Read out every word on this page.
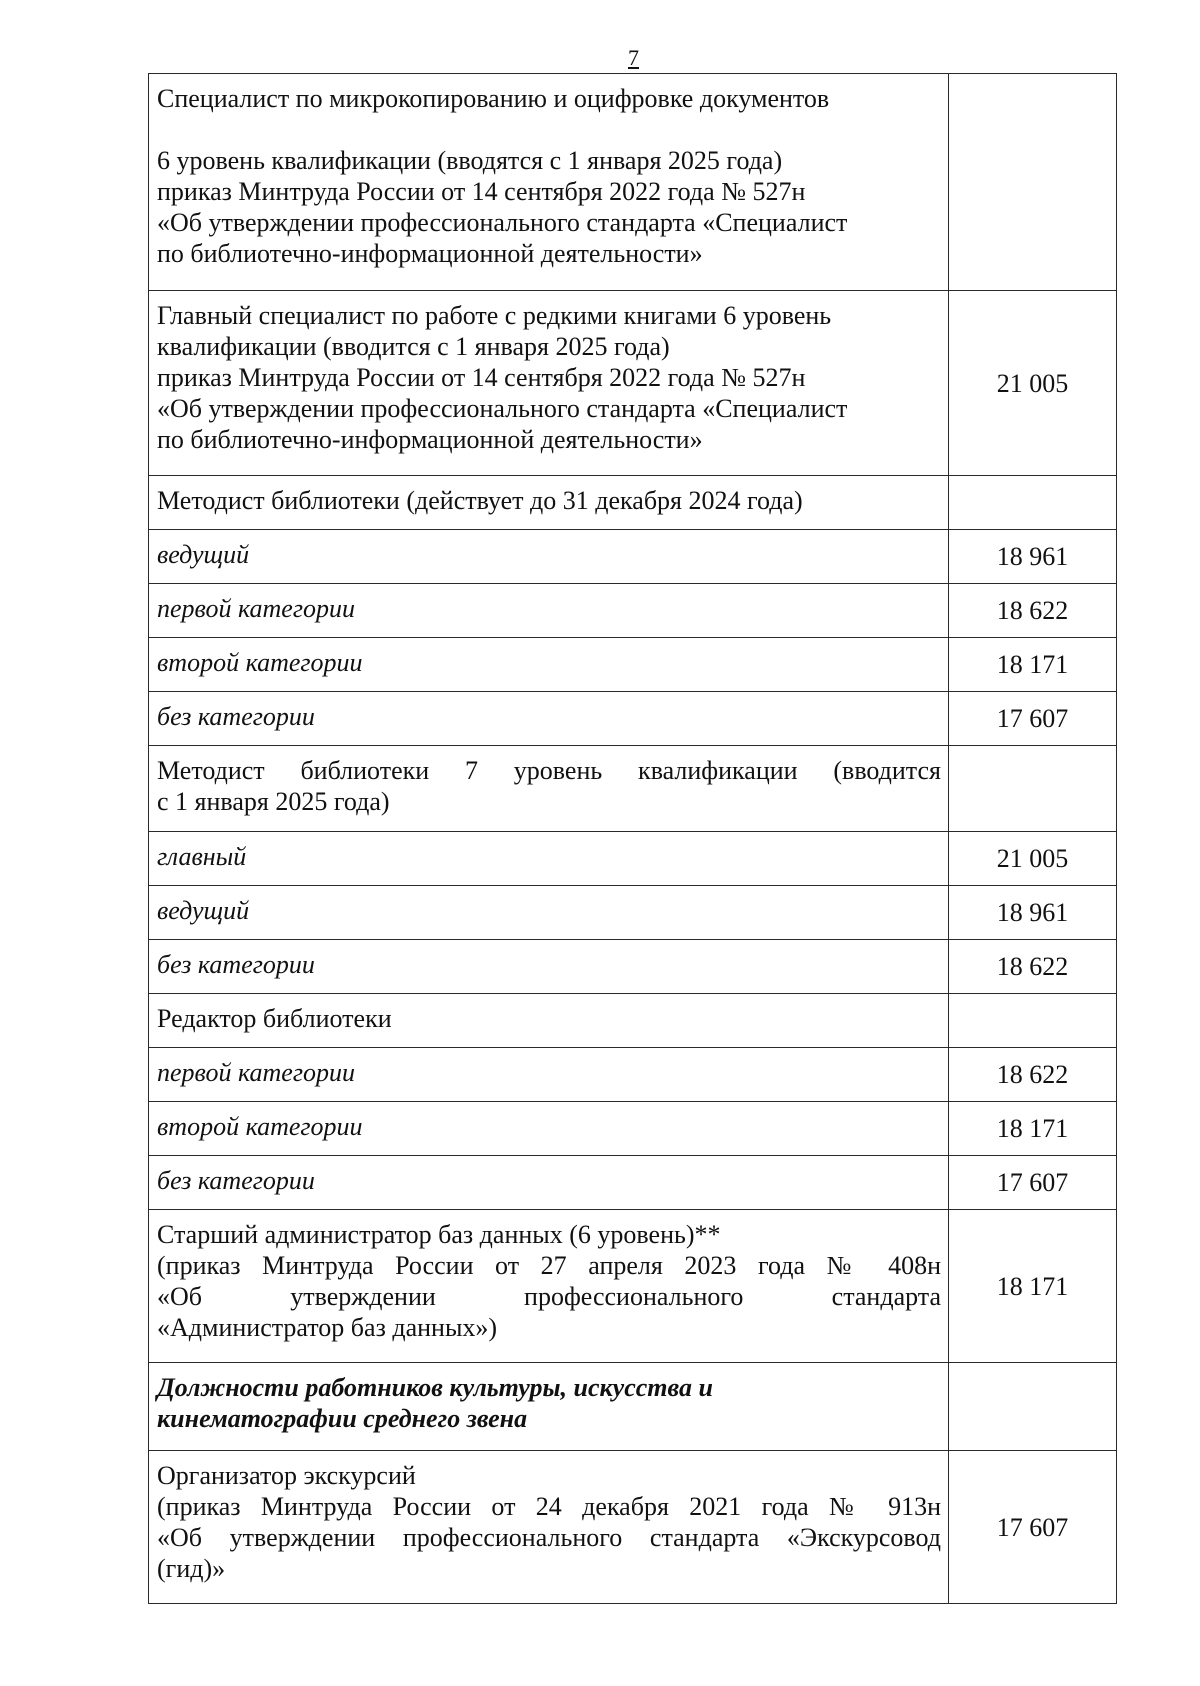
7
Специалист по микрокопированию и оцифровке документов
6 уровень квалификации (вводятся с 1 января 2025 года)
приказ Минтруда России от 14 сентября 2022 года № 527н
«Об утверждении профессионального стандарта «Специалист
по библиотечно-информационной деятельности»	

Главный специалист по работе с редкими книгами 6 уровень
квалификации (вводится с 1 января 2025 года)
приказ Минтруда России от 14 сентября 2022 года № 527н
«Об утверждении профессионального стандарта «Специалист
по библиотечно-информационной деятельности»	21 005

Методист библиотеки (действует до 31 декабря 2024 года)	

ведущий	18 961
первой категории	18 622
второй категории	18 171
без категории	17 607

Методист библиотеки 7 уровень квалификации (вводится
с 1 января 2025 года)	

главный	21 005
ведущий	18 961
без категории	18 622

Редактор библиотеки	

первой категории	18 622
второй категории	18 171
без категории	17 607

Старший администратор баз данных (6 уровень)**
(приказ Минтруда России от 27 апреля 2023 года № 408н
«Об утверждении профессионального стандарта
«Администратор баз данных»)	18 171

Должности работников культуры, искусства и
кинематографии среднего звена	

Организатор экскурсий
(приказ Минтруда России от 24 декабря 2021 года № 913н
«Об утверждении профессионального стандарта «Экскурсовод
(гид)»	17 607
